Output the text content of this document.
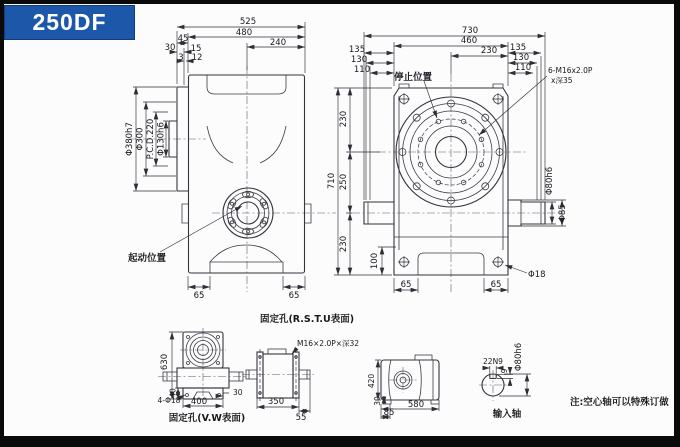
250DF	525
480
240
45
30 15
3 12
Φ380h7 Φ300 P.C.D.220 Φ130h6
起动位置
65	65
730
460
230
135
130
110
135
130
110
停止位置
6-M16x2.0P
x深35
710
230
250
230
100
Φ80h6
Φ85
65	65
Φ18
固定孔(R.S.T.U表面)
630
40
4-Φ18 400
30
固定孔(V.W表面)
M16×2.0P×深32
350
55
420
30	580
85
22N9
9 Φ80h6
输入轴
注:空心轴可以特殊订做
